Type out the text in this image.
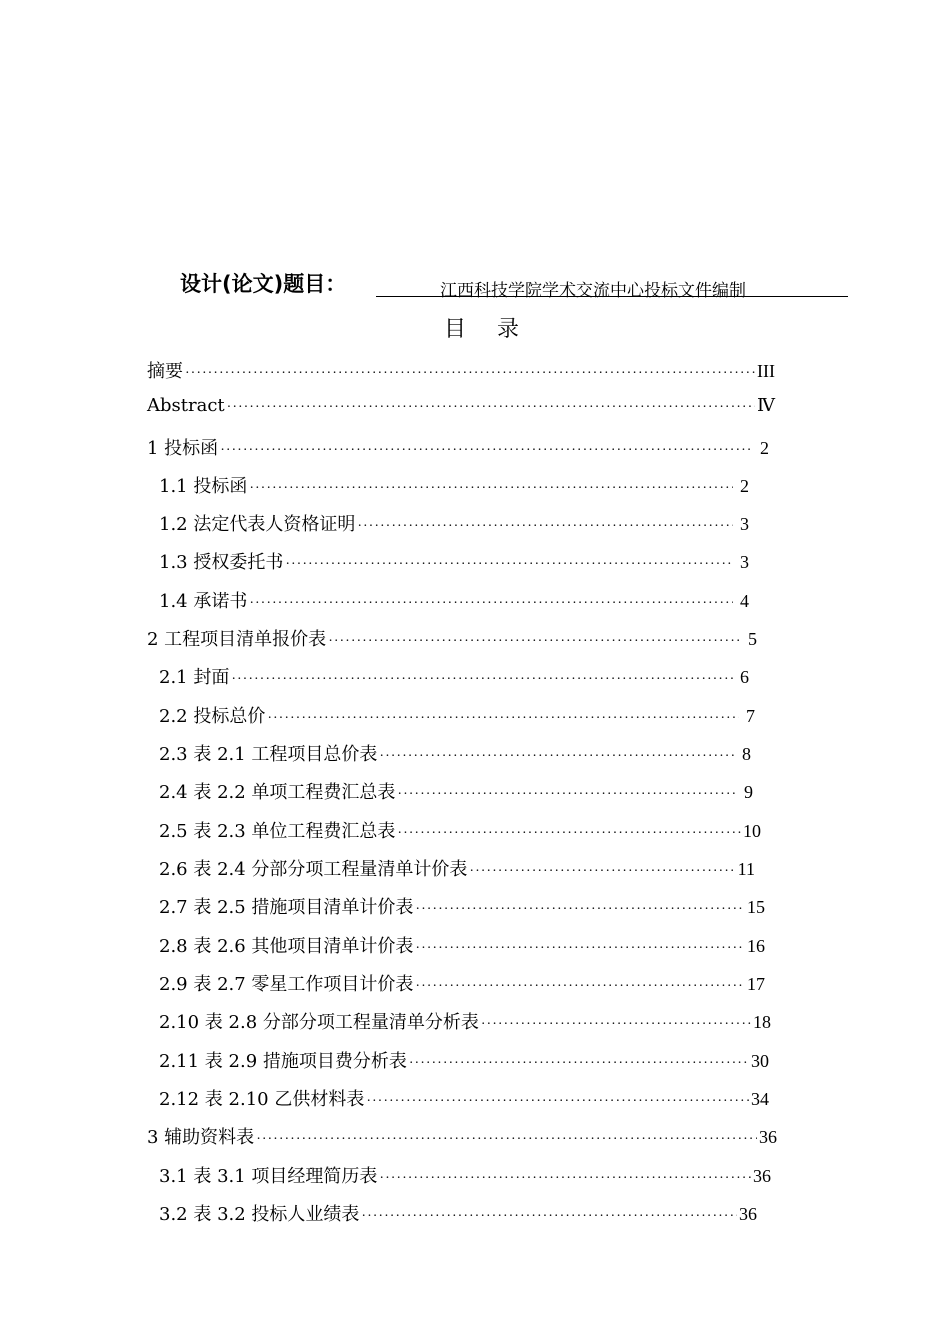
设计(论文)题目：	江西科技学院学术交流中心投标文件编制
目 录
摘要 ·····	III
Abstract ·····	Ⅳ
1 投标函 ·····	2
1.1 投标函 ·····	2
1.2 法定代表人资格证明 ·····	3
1.3 授权委托书 ·····	3
1.4 承诺书 ·····	4
2 工程项目清单报价表 ·····	5
2.1 封面 ·····	6
2.2 投标总价 ·····	7
2.3 表 2.1 工程项目总价表 ·····	8
2.4 表 2.2 单项工程费汇总表 ·····	9
2.5 表 2.3 单位工程费汇总表 ·····	10
2.6 表 2.4 分部分项工程量清单计价表 ·····	11
2.7 表 2.5 措施项目清单计价表 ·····	15
2.8 表 2.6 其他项目清单计价表 ·····	16
2.9 表 2.7 零星工作项目计价表 ·····	17
2.10 表 2.8 分部分项工程量清单分析表 ·····	18
2.11 表 2.9 措施项目费分析表 ·····	30
2.12 表 2.10 乙供材料表 ·····	34
3 辅助资料表 ·····	36
3.1 表 3.1 项目经理简历表 ·····	36
3.2 表 3.2 投标人业绩表 ·····	36
